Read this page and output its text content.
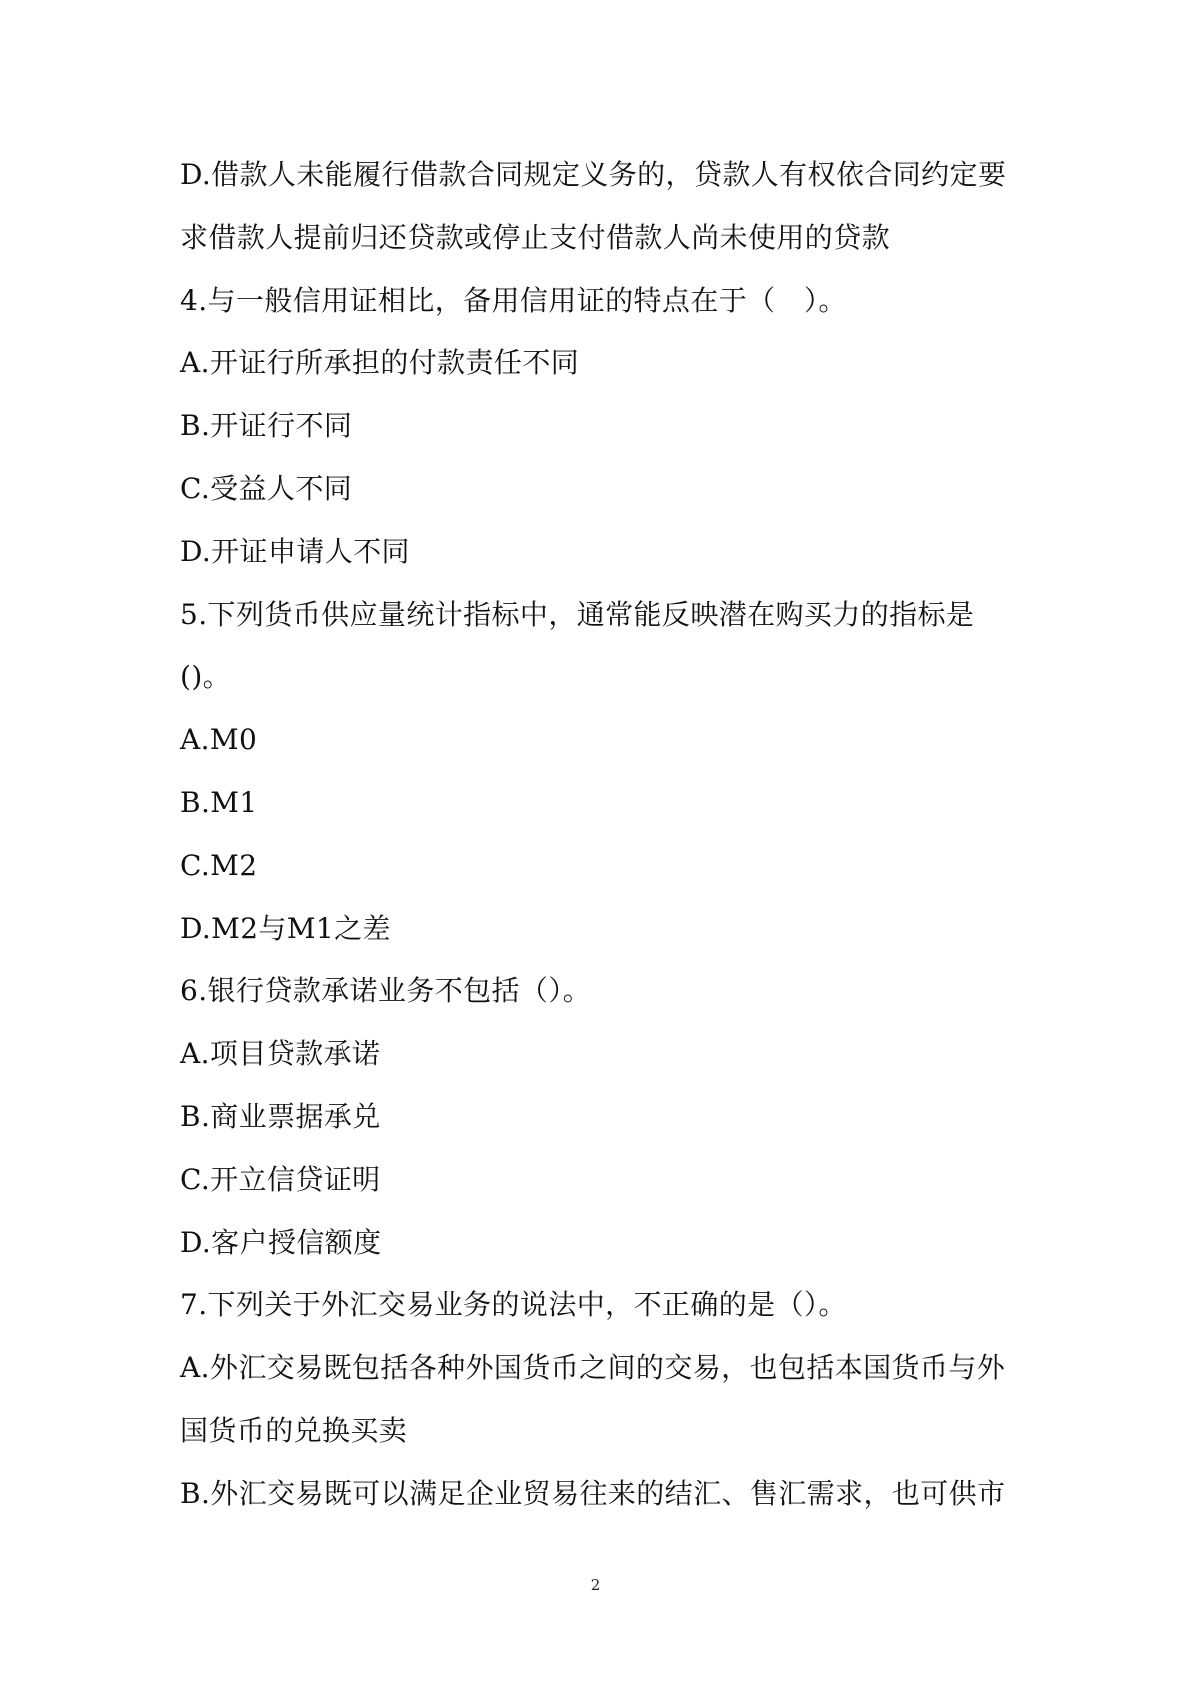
D.借款人未能履行借款合同规定义务的，贷款人有权依合同约定要
求借款人提前归还贷款或停止支付借款人尚未使用的贷款
4.与一般信用证相比，备用信用证的特点在于（　）。
A.开证行所承担的付款责任不同
B.开证行不同
C.受益人不同
D.开证申请人不同
5.下列货币供应量统计指标中，通常能反映潜在购买力的指标是
()。
A.M0
B.M1
C.M2
D.M2与M1之差
6.银行贷款承诺业务不包括（）。
A.项目贷款承诺
B.商业票据承兑
C.开立信贷证明
D.客户授信额度
7.下列关于外汇交易业务的说法中，不正确的是（）。
A.外汇交易既包括各种外国货币之间的交易，也包括本国货币与外
国货币的兑换买卖
B.外汇交易既可以满足企业贸易往来的结汇、售汇需求，也可供市
2
